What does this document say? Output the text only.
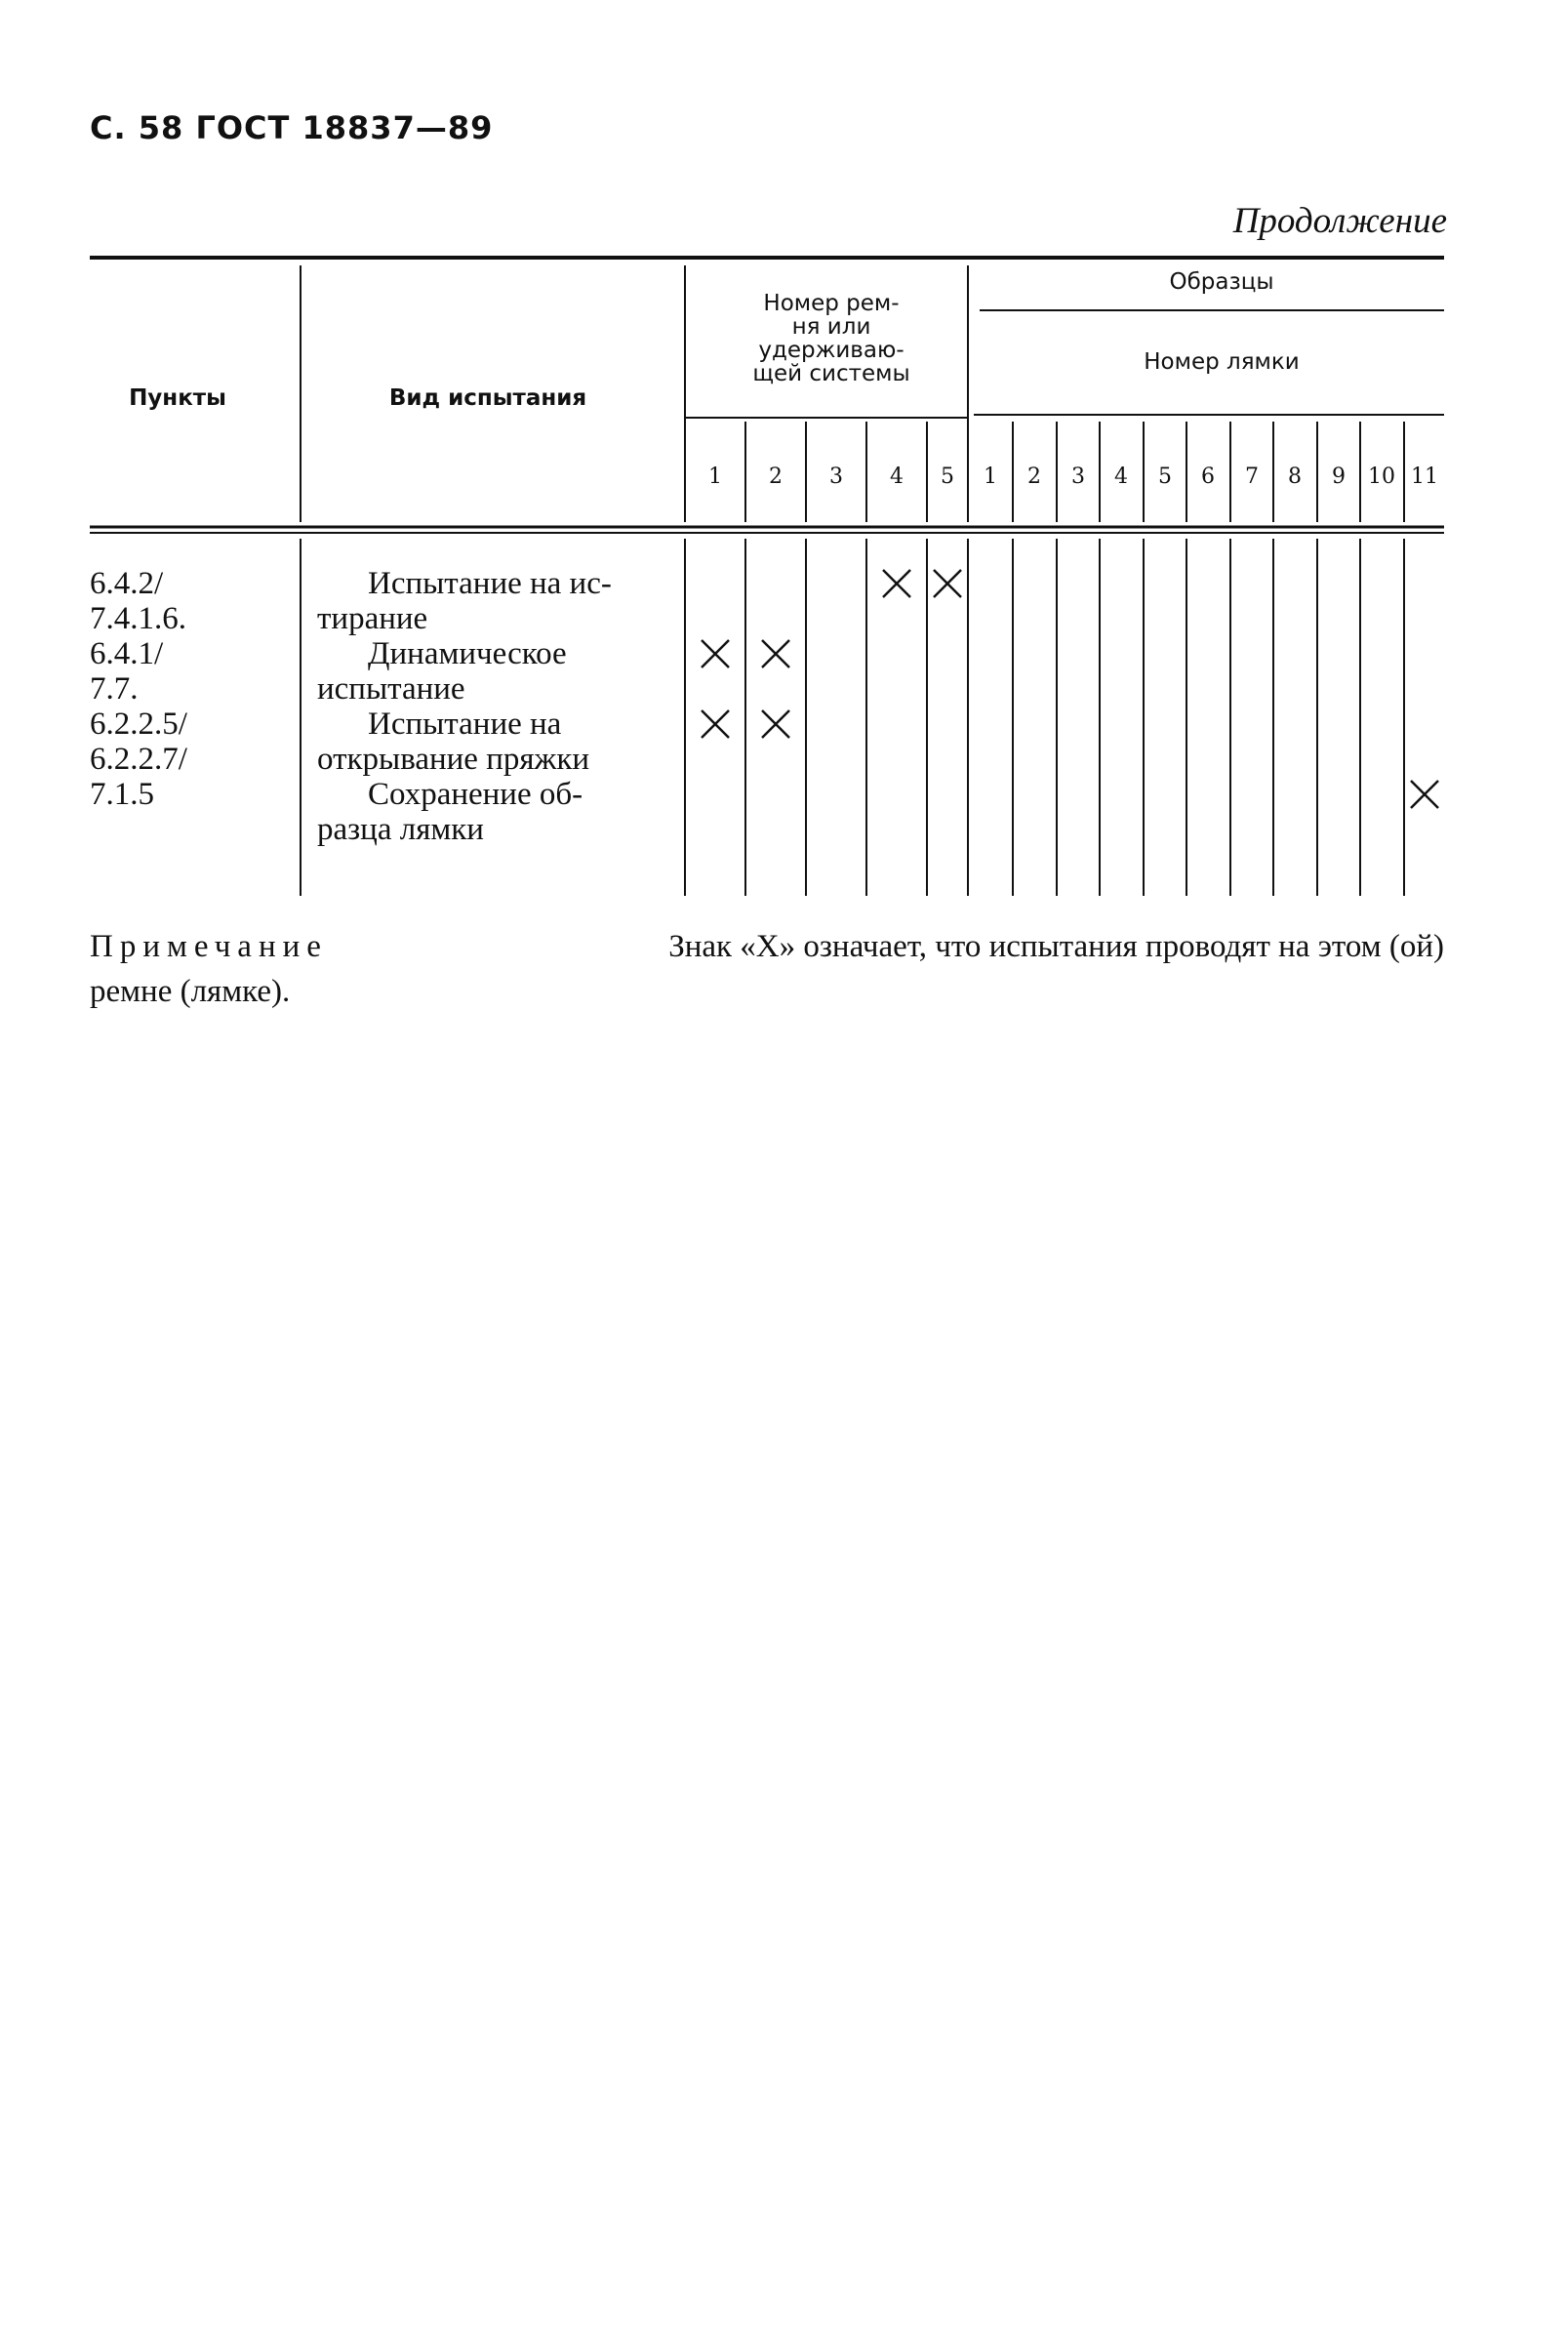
С. 58 ГОСТ 18837—89
Продолжение
Пункты	Вид испытания
Номер рем-
ня или
удерживаю-
щей системы
Образцы
Номер лямки
1 2 3 4 5 1 2 3 4 5 6 7 8 9 10 11
6.4.2/
7.4.1.6.
6.4.1/
7.7.
6.2.2.5/
6.2.2.7/
7.1.5
Испытание на ис-
тирание
Динамическое
испытание
Испытание на
открывание пряжки
Сохранение об-
разца лямки
Примечание	Знак «X» означает, что испытания проводят на этом (ой)
ремне (лямке).
